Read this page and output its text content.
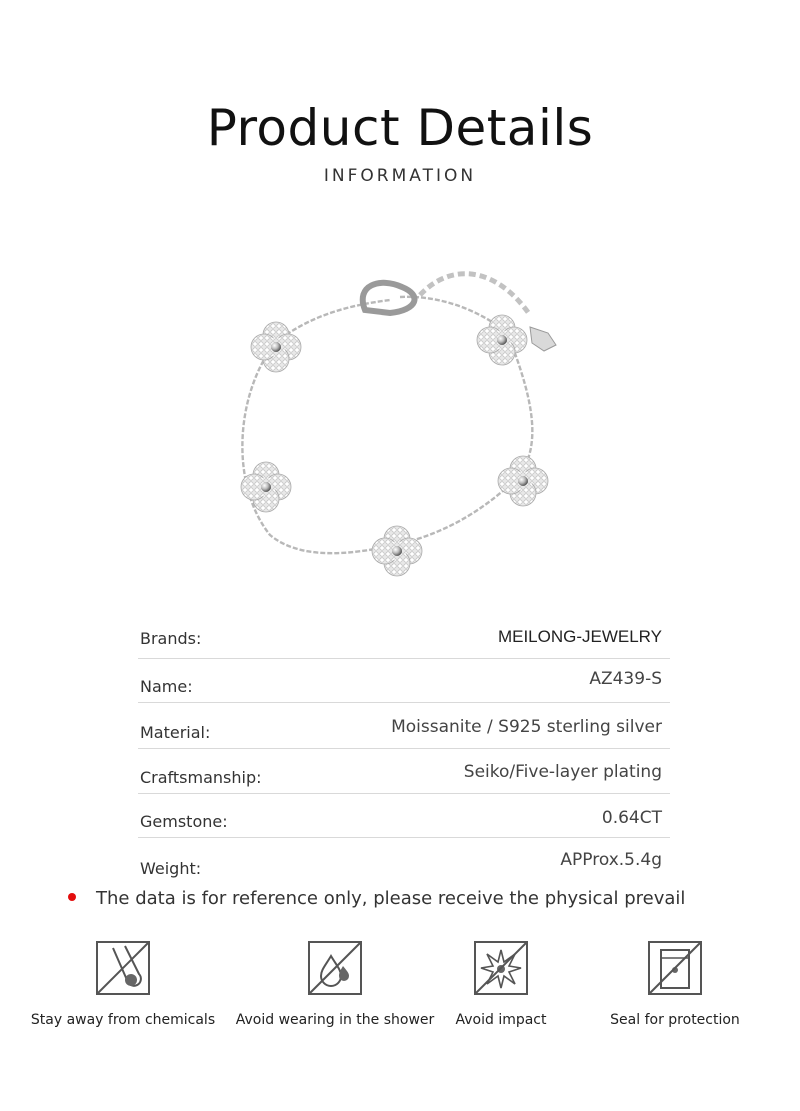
Product Details
INFORMATION
Brands:	MEILONG-JEWELRY
Name:	AZ439-S
Material:	Moissanite / S925 sterling silver
Craftsmanship:	Seiko/Five-layer plating
Gemstone:	0.64CT
Weight:	APProx.5.4g
The data is for reference only, please receive the physical prevail
Stay away from chemicals	Avoid wearing in the shower	Avoid impact	Seal for protection
